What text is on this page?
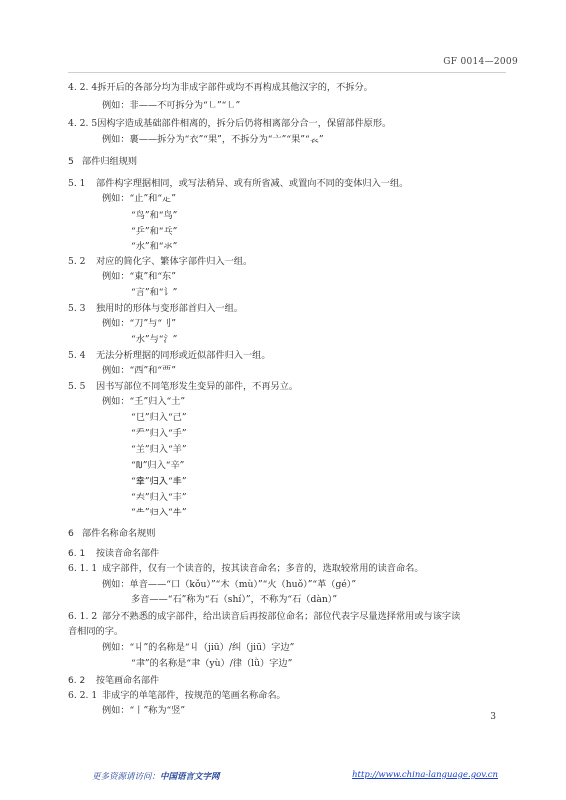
GF 0014—2009
4. 2. 4拆开后的各部分均为非成字部件或均不再构成其他汉字的，不拆分。
例如：非——不可拆分为“㇗”“㇗”
4. 2. 5因构字造成基础部件相离的，拆分后仍将相离部分合一，保留部件原形。
例如：裹——拆分为“衣”“果”，不拆分为“亠”“果”“𧘇”
5 部件归组规则
5. 1 部件构字理据相同，或写法稍异、或有所省减、或置向不同的变体归入一组。
例如：“止”和“龰”
“鸟”和“鸟”
“乒”和“乓”
“水”和“氺”
5. 2 对应的简化字、繁体字部件归入一组。
例如：“東”和“东”
“言”和“讠”
5. 3 独用时的形体与变形部首归入一组。
例如：“刀”与“刂”
“水”与“氵”
5. 4 无法分析理据的同形或近似部件归入一组。
例如：“西”和“覀”
5. 5 因书写部位不同笔形发生变异的部件，不再另立。
例如：“𡈼”归入“土”
“㔾”归入“己”
“龵”归入“手”
“𦍌”归入“羊”
“𖬐”归入“辛”
“𦍒”归入“丰”
“𡗗”归入“丰”
“𠂒”归入“牛”
6 部件名称命名规则
6. 1 按读音命名部件
6. 1. 1 成字部件，仅有一个读音的，按其读音命名；多音的，选取较常用的读音命名。
例如：单音——“口（kǒu）”“木（mù）”“火（huǒ）”“革（gé）”
多音——“石”称为“石（shí）”，不称为“石（dàn）”
6. 1. 2 部分不熟悉的成字部件，给出读音后再按部位命名；部位代表字尽量选择常用或与该字读
音相同的字。
例如：“丩”的名称是“丩（jiū）/纠（jiū）字边”
“聿”的名称是“聿（yù）/律（lǜ）字边”
6. 2 按笔画命名部件
6. 2. 1 非成字的单笔部件，按规范的笔画名称命名。
例如：“丨”称为“竖”
3
更多资源请访问：中国语言文字网	http://www.china-language.gov.cn
